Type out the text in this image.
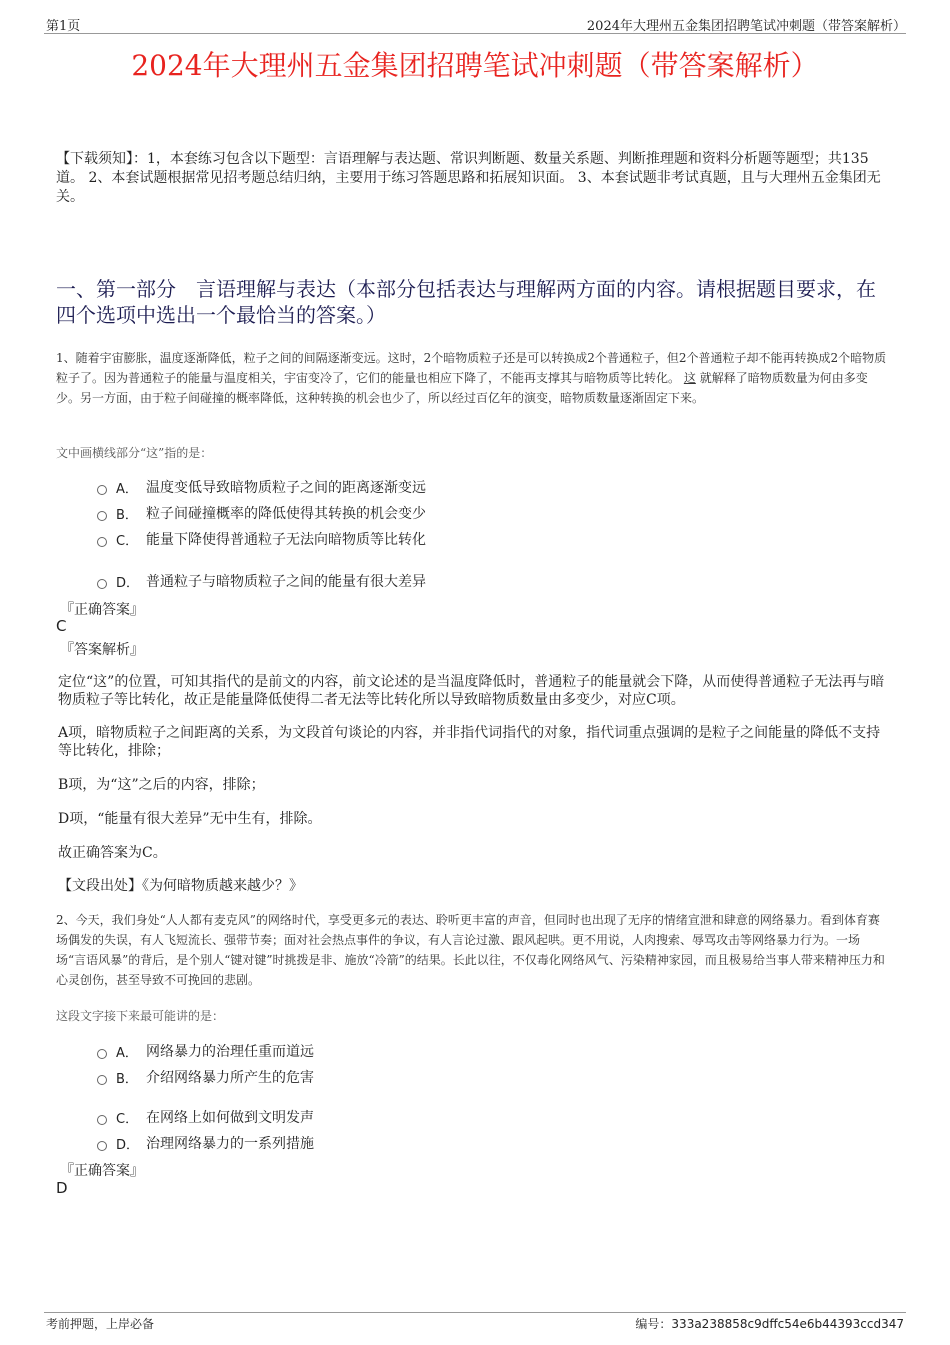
第1页	2024年大理州五金集团招聘笔试冲刺题（带答案解析）
2024年大理州五金集团招聘笔试冲刺题（带答案解析）
【下载须知】：1，本套练习包含以下题型：言语理解与表达题、常识判断题、数量关系题、判断推理题和资料分析题等题型；共135道。 2、本套试题根据常见招考题总结归纳，主要用于练习答题思路和拓展知识面。 3、本套试题非考试真题，且与大理州五金集团无关。
一、第一部分　言语理解与表达（本部分包括表达与理解两方面的内容。请根据题目要求，在四个选项中选出一个最恰当的答案。）
1、随着宇宙膨胀，温度逐渐降低，粒子之间的间隔逐渐变远。这时，2个暗物质粒子还是可以转换成2个普通粒子，但2个普通粒子却不能再转换成2个暗物质粒子了。因为普通粒子的能量与温度相关，宇宙变冷了，它们的能量也相应下降了，不能再支撑其与暗物质等比转化。 这 就解释了暗物质数量为何由多变少。另一方面，由于粒子间碰撞的概率降低，这种转换的机会也少了，所以经过百亿年的演变，暗物质数量逐渐固定下来。
文中画横线部分“这”指的是：
A． 温度变低导致暗物质粒子之间的距离逐渐变远
B． 粒子间碰撞概率的降低使得其转换的机会变少
C． 能量下降使得普通粒子无法向暗物质等比转化
D． 普通粒子与暗物质粒子之间的能量有很大差异
『正确答案』
C
『答案解析』
定位“这”的位置，可知其指代的是前文的内容，前文论述的是当温度降低时，普通粒子的能量就会下降，从而使得普通粒子无法再与暗物质粒子等比转化，故正是能量降低使得二者无法等比转化所以导致暗物质数量由多变少，对应C项。
A项，暗物质粒子之间距离的关系，为文段首句谈论的内容，并非指代词指代的对象，指代词重点强调的是粒子之间能量的降低不支持等比转化，排除；
B项，为“这”之后的内容，排除；
D项，“能量有很大差异”无中生有，排除。
故正确答案为C。
【文段出处】《为何暗物质越来越少？》
2、今天，我们身处“人人都有麦克风”的网络时代，享受更多元的表达、聆听更丰富的声音，但同时也出现了无序的情绪宣泄和肆意的网络暴力。看到体育赛场偶发的失误，有人飞短流长、强带节奏；面对社会热点事件的争议，有人言论过激、跟风起哄。更不用说，人肉搜索、辱骂攻击等网络暴力行为。一场场“言语风暴”的背后，是个别人“键对键”时挑拨是非、施放“冷箭”的结果。长此以往，不仅毒化网络风气、污染精神家园，而且极易给当事人带来精神压力和心灵创伤，甚至导致不可挽回的悲剧。
这段文字接下来最可能讲的是：
A． 网络暴力的治理任重而道远
B． 介绍网络暴力所产生的危害
C． 在网络上如何做到文明发声
D． 治理网络暴力的一系列措施
『正确答案』
D
考前押题，上岸必备	编号：333a238858c9dffc54e6b44393ccd347
